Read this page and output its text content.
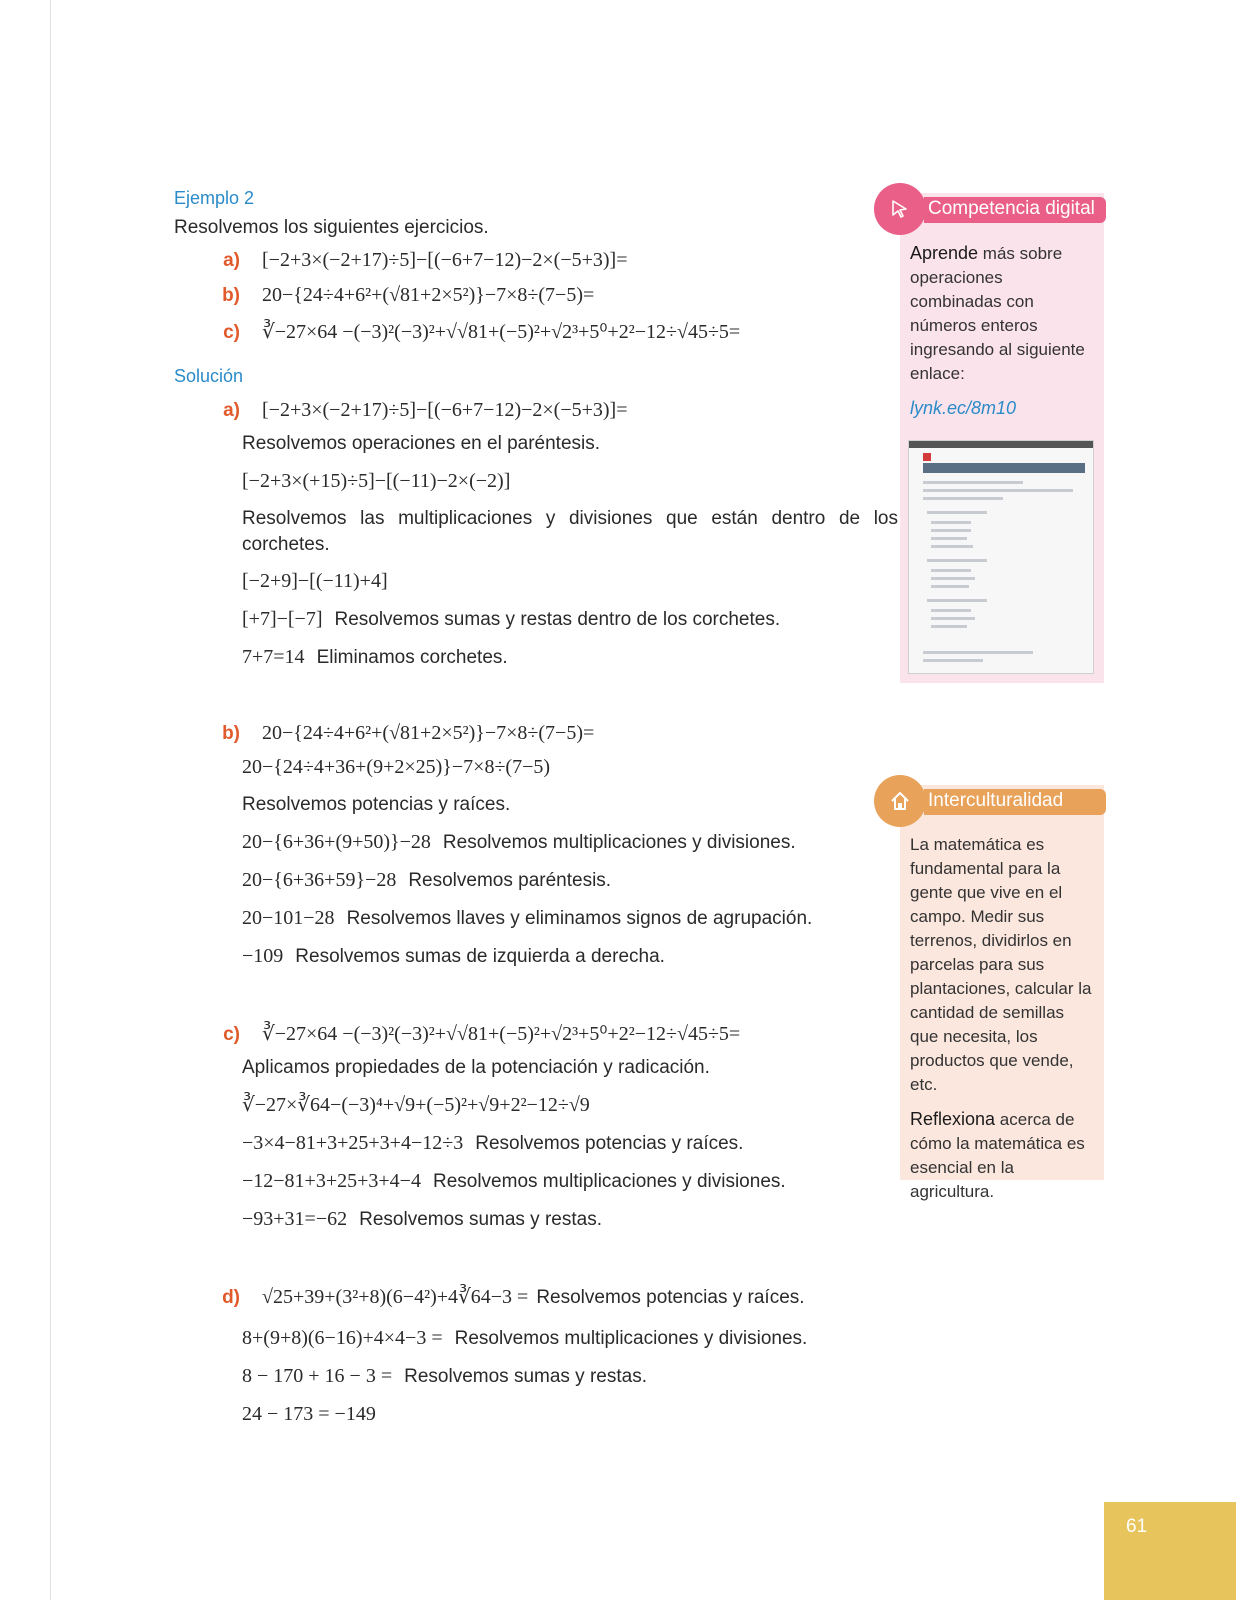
Ejemplo 2
Resolvemos los siguientes ejercicios.
a)	[−2+3×(−2+17)÷5]−[(−6+7−12)−2×(−5+3)]=
b)	20−{24÷4+6²+(√81+2×5²)}−7×8÷(7−5)=
c)	∛−27×64 −(−3)²(−3)²+√√81+(−5)²+√2³+5⁰+2²−12÷√45÷5=
Solución
a)	[−2+3×(−2+17)÷5]−[(−6+7−12)−2×(−5+3)]=
Resolvemos operaciones en el paréntesis.
[−2+3×(+15)÷5]−[(−11)−2×(−2)]
Resolvemos las multiplicaciones y divisiones que están dentro de los corchetes.
[−2+9]−[(−11)+4]
[+7]−[−7] Resolvemos sumas y restas dentro de los corchetes.
7+7=14 Eliminamos corchetes.
b)	20−{24÷4+6²+(√81+2×5²)}−7×8÷(7−5)=
20−{24÷4+36+(9+2×25)}−7×8÷(7−5)
Resolvemos potencias y raíces.
20−{6+36+(9+50)}−28 Resolvemos multiplicaciones y divisiones.
20−{6+36+59}−28 Resolvemos paréntesis.
20−101−28 Resolvemos llaves y eliminamos signos de agrupación.
−109 Resolvemos sumas de izquierda a derecha.
c)	∛−27×64 −(−3)²(−3)²+√√81+(−5)²+√2³+5⁰+2²−12÷√45÷5=
Aplicamos propiedades de la potenciación y radicación.
∛−27×∛64−(−3)⁴+√9+(−5)²+√9+2²−12÷√9
−3×4−81+3+25+3+4−12÷3 Resolvemos potencias y raíces.
−12−81+3+25+3+4−4 Resolvemos multiplicaciones y divisiones.
−93+31=−62 Resolvemos sumas y restas.
d)	√25+39+(3²+8)(6−4²)+4∛64−3 = Resolvemos potencias y raíces.
8+(9+8)(6−16)+4×4−3 = Resolvemos multiplicaciones y divisiones.
8 − 170 + 16 − 3 = Resolvemos sumas y restas.
24 − 173 = −149
Competencia digital
Aprende más sobre operaciones combinadas con números enteros ingresando al siguiente enlace:
lynk.ec/8m10
Interculturalidad
La matemática es fundamental para la gente que vive en el campo. Medir sus terrenos, dividirlos en parcelas para sus plantaciones, calcular la cantidad de semillas que necesita, los productos que vende, etc.
Reflexiona acerca de cómo la matemática es esencial en la agricultura.
61
